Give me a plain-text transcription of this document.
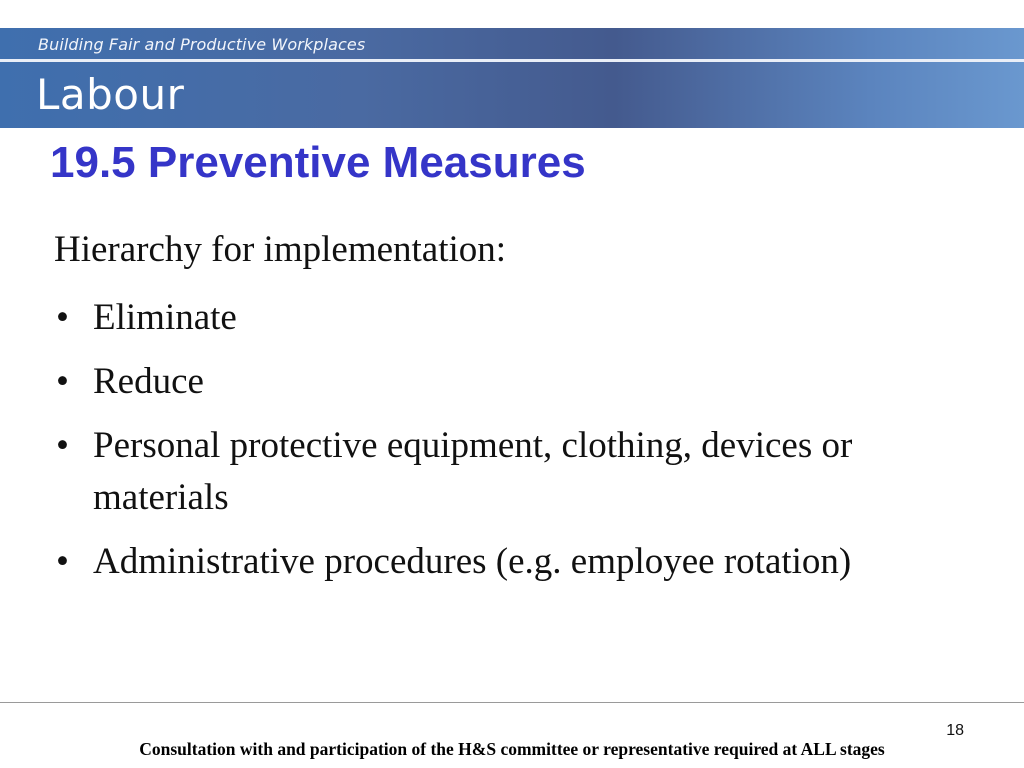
Building Fair and Productive Workplaces
Labour
19.5 Preventive Measures

Hierarchy for implementation:

• Eliminate
• Reduce
• Personal protective equipment, clothing, devices or materials
• Administrative procedures (e.g. employee rotation)
18
Consultation with and participation of the H&S committee or representative required at ALL stages
